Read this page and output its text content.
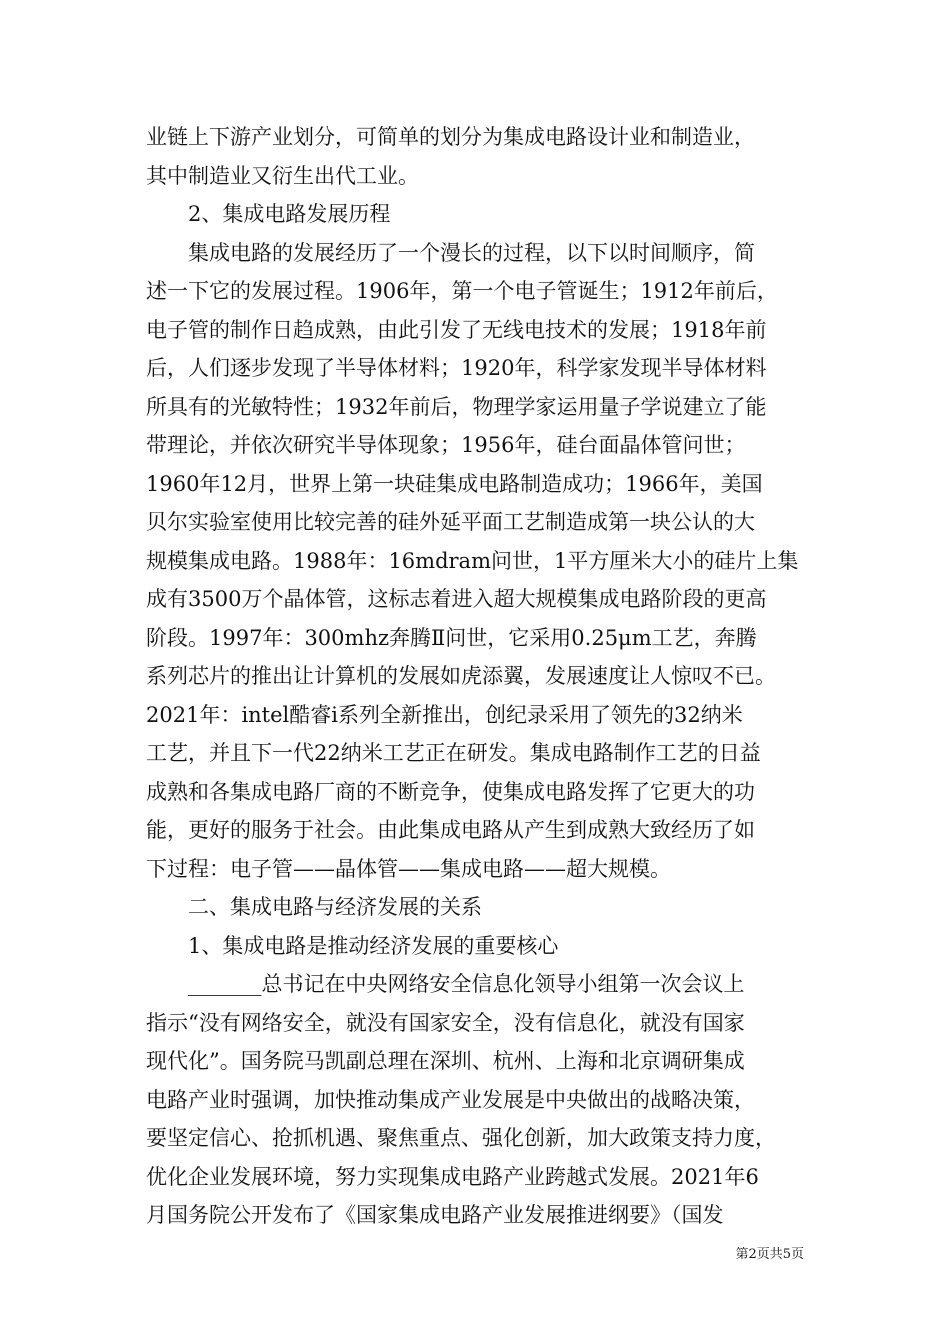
业链上下游产业划分，可简单的划分为集成电路设计业和制造业，
其中制造业又衍生出代工业。
　　2、集成电路发展历程
　　集成电路的发展经历了一个漫长的过程，以下以时间顺序，简
述一下它的发展过程。1906年，第一个电子管诞生；1912年前后，
电子管的制作日趋成熟，由此引发了无线电技术的发展；1918年前
后，人们逐步发现了半导体材料；1920年，科学家发现半导体材料
所具有的光敏特性；1932年前后，物理学家运用量子学说建立了能
带理论，并依次研究半导体现象；1956年，硅台面晶体管问世；
1960年12月，世界上第一块硅集成电路制造成功；1966年，美国
贝尔实验室使用比较完善的硅外延平面工艺制造成第一块公认的大
规模集成电路。1988年：16mdram问世，1平方厘米大小的硅片上集
成有3500万个晶体管，这标志着进入超大规模集成电路阶段的更高
阶段。1997年：300mhz奔腾Ⅱ问世，它采用0.25μm工艺，奔腾
系列芯片的推出让计算机的发展如虎添翼，发展速度让人惊叹不已。
2021年：intel酷睿i系列全新推出，创纪录采用了领先的32纳米
工艺，并且下一代22纳米工艺正在研发。集成电路制作工艺的日益
成熟和各集成电路厂商的不断竞争，使集成电路发挥了它更大的功
能，更好的服务于社会。由此集成电路从产生到成熟大致经历了如
下过程：电子管——晶体管——集成电路——超大规模。
　　二、集成电路与经济发展的关系
　　1、集成电路是推动经济发展的重要核心
　　_______总书记在中央网络安全信息化领导小组第一次会议上
指示“没有网络安全，就没有国家安全，没有信息化，就没有国家
现代化”。国务院马凯副总理在深圳、杭州、上海和北京调研集成
电路产业时强调，加快推动集成产业发展是中央做出的战略决策，
要坚定信心、抢抓机遇、聚焦重点、强化创新，加大政策支持力度，
优化企业发展环境，努力实现集成电路产业跨越式发展。2021年6
月国务院公开发布了《国家集成电路产业发展推进纲要》（国发
第2页共5页
